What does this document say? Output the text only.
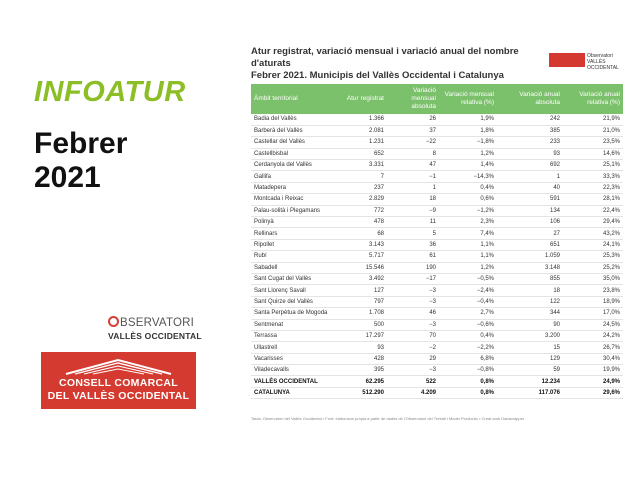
INFOATUR
Febrer
2021
BSERVATORI
VALLÈS OCCIDENTAL
CONSELL COMARCAL
DEL VALLÈS OCCIDENTAL
Atur registrat, variació mensual i variació anual del nombre d'aturats
Febrer 2021. Municipis del Vallès Occidental i Catalunya
Observatori
VALLÈS OCCIDENTAL
Àmbit territorial	Atur registrat	Variació mensual absoluta	Variació mensual relativa (%)	Variació anual absoluta	Variació anual relativa (%)
Badia del Vallès	1.366	26	1,9%	242	21,9%
Barberà del Vallès	2.081	37	1,8%	385	21,0%
Castellar del Vallès	1.231	−22	−1,8%	233	23,5%
Castellbisbal	652	8	1,2%	93	14,6%
Cerdanyola del Vallès	3.331	47	1,4%	692	25,1%
Gallifa	7	−1	−14,3%	1	33,3%
Matadepera	237	1	0,4%	40	22,3%
Montcada i Reixac	2.829	18	0,6%	591	28,1%
Palau-solità i Plegamans	772	−9	−1,2%	134	22,4%
Polinyà	478	11	2,3%	106	29,4%
Rellinars	68	5	7,4%	27	43,2%
Ripollet	3.143	36	1,1%	651	24,1%
Rubí	5.717	61	1,1%	1.059	25,3%
Sabadell	15.546	190	1,2%	3.148	25,2%
Sant Cugat del Vallès	3.492	−17	−0,5%	855	35,0%
Sant Llorenç Savall	127	−3	−2,4%	18	23,8%
Sant Quirze del Vallès	797	−3	−0,4%	122	18,9%
Santa Perpètua de Mogoda	1.708	46	2,7%	344	17,0%
Sentmenat	500	−3	−0,6%	90	24,5%
Terrassa	17.297	70	0,4%	3.200	24,2%
Ullastrell	93	−2	−2,2%	15	26,7%
Vacarisses	428	29	6,8%	129	30,4%
Viladecavalls	395	−3	−0,8%	59	19,9%
VALLÈS OCCIDENTAL	62.295	522	0,8%	12.234	24,9%
CATALUNYA	512.290	4.209	0,8%	117.076	29,6%
Taula: Observatori del Vallès Occidental • Font: elaboració pròpia a partir de dades de l'Observatori del Treball i Model Productiu • Creat amb Datawrapper
